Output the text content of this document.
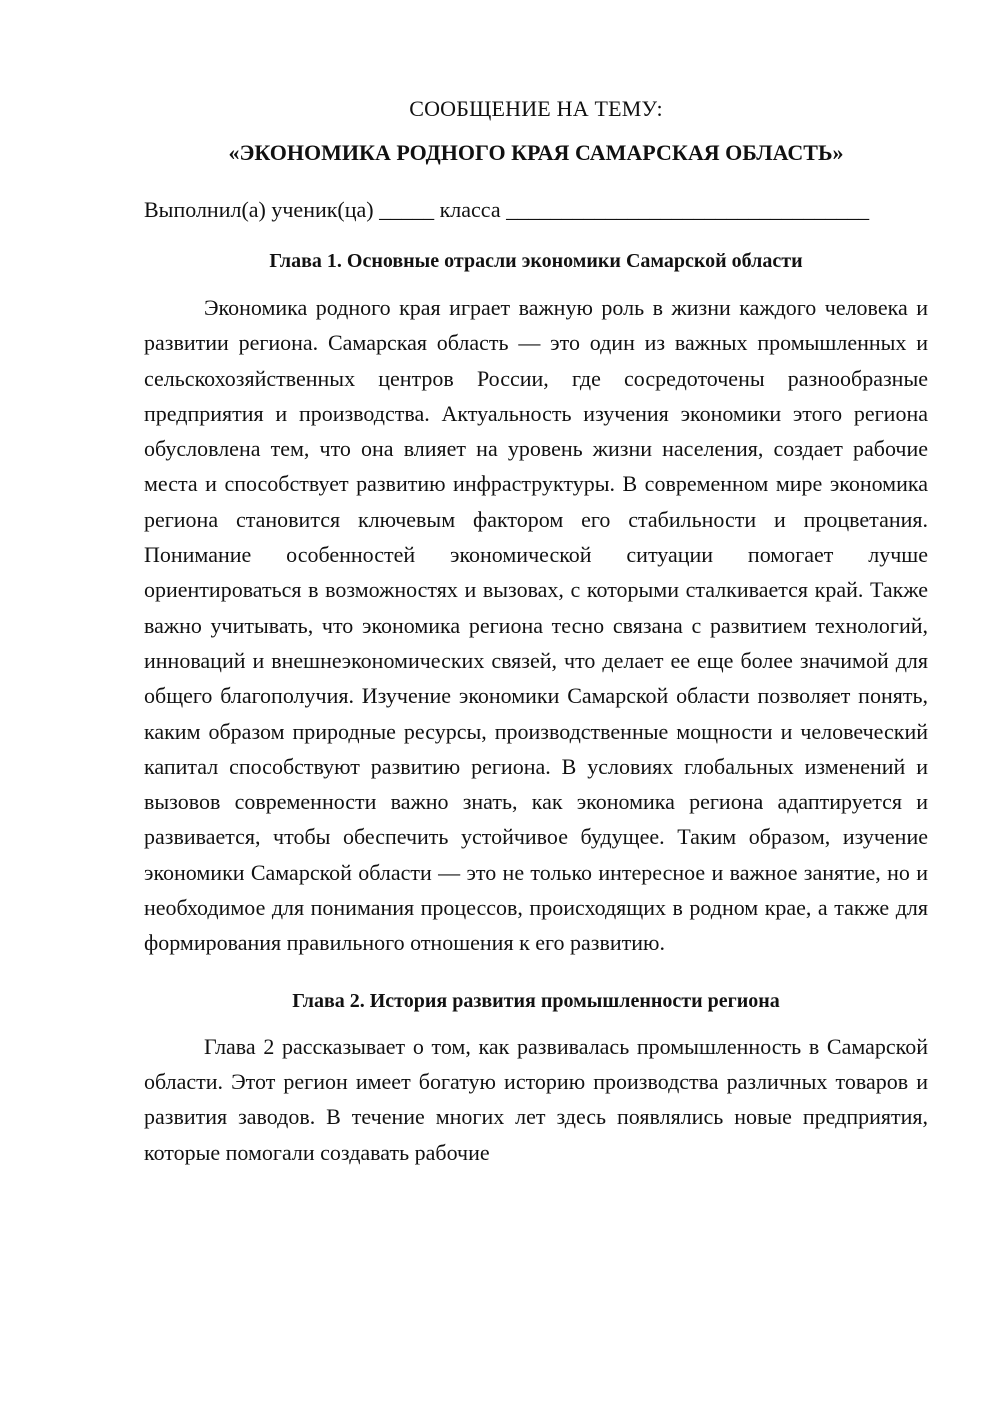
СООБЩЕНИЕ НА ТЕМУ:

«ЭКОНОМИКА РОДНОГО КРАЯ САМАРСКАЯ ОБЛАСТЬ»

Выполнил(а) ученик(ца) _____ класса _________________________________

Глава 1. Основные отрасли экономики Самарской области

Экономика родного края играет важную роль в жизни каждого человека и развитии региона. Самарская область — это один из важных промышленных и сельскохозяйственных центров России, где сосредоточены разнообразные предприятия и производства. Актуальность изучения экономики этого региона обусловлена тем, что она влияет на уровень жизни населения, создает рабочие места и способствует развитию инфраструктуры. В современном мире экономика региона становится ключевым фактором его стабильности и процветания. Понимание особенностей экономической ситуации помогает лучше ориентироваться в возможностях и вызовах, с которыми сталкивается край. Также важно учитывать, что экономика региона тесно связана с развитием технологий, инноваций и внешнеэкономических связей, что делает ее еще более значимой для общего благополучия. Изучение экономики Самарской области позволяет понять, каким образом природные ресурсы, производственные мощности и человеческий капитал способствуют развитию региона. В условиях глобальных изменений и вызовов современности важно знать, как экономика региона адаптируется и развивается, чтобы обеспечить устойчивое будущее. Таким образом, изучение экономики Самарской области — это не только интересное и важное занятие, но и необходимое для понимания процессов, происходящих в родном крае, а также для формирования правильного отношения к его развитию.

Глава 2. История развития промышленности региона

Глава 2 рассказывает о том, как развивалась промышленность в Самарской области. Этот регион имеет богатую историю производства различных товаров и развития заводов. В течение многих лет здесь появлялись новые предприятия, которые помогали создавать рабочие
